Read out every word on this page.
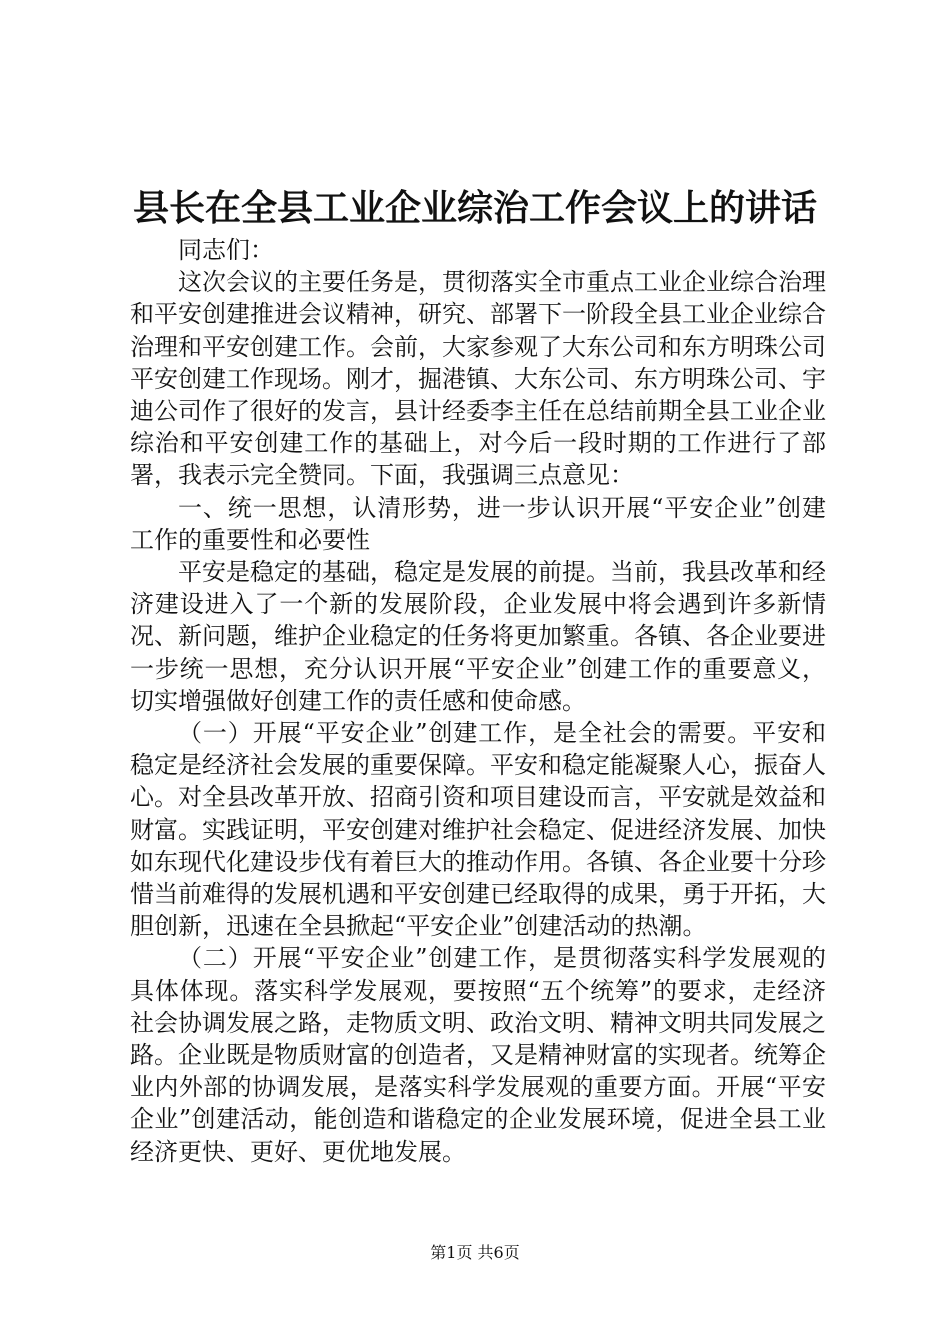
县长在全县工业企业综治工作会议上的讲话

同志们：

这次会议的主要任务是，贯彻落实全市重点工业企业综合治理和平安创建推进会议精神，研究、部署下一阶段全县工业企业综合治理和平安创建工作。会前，大家参观了大东公司和东方明珠公司平安创建工作现场。刚才，掘港镇、大东公司、东方明珠公司、宇迪公司作了很好的发言，县计经委李主任在总结前期全县工业企业综治和平安创建工作的基础上，对今后一段时期的工作进行了部署，我表示完全赞同。下面，我强调三点意见：

一、统一思想，认清形势，进一步认识开展“平安企业”创建工作的重要性和必要性

平安是稳定的基础，稳定是发展的前提。当前，我县改革和经济建设进入了一个新的发展阶段，企业发展中将会遇到许多新情况、新问题，维护企业稳定的任务将更加繁重。各镇、各企业要进一步统一思想，充分认识开展“平安企业”创建工作的重要意义，切实增强做好创建工作的责任感和使命感。

（一）开展“平安企业”创建工作，是全社会的需要。平安和稳定是经济社会发展的重要保障。平安和稳定能凝聚人心，振奋人心。对全县改革开放、招商引资和项目建设而言，平安就是效益和财富。实践证明，平安创建对维护社会稳定、促进经济发展、加快如东现代化建设步伐有着巨大的推动作用。各镇、各企业要十分珍惜当前难得的发展机遇和平安创建已经取得的成果，勇于开拓，大胆创新，迅速在全县掀起“平安企业”创建活动的热潮。

（二）开展“平安企业”创建工作，是贯彻落实科学发展观的具体体现。落实科学发展观，要按照“五个统筹”的要求，走经济社会协调发展之路，走物质文明、政治文明、精神文明共同发展之路。企业既是物质财富的创造者，又是精神财富的实现者。统筹企业内外部的协调发展，是落实科学发展观的重要方面。开展“平安企业”创建活动，能创造和谐稳定的企业发展环境，促进全县工业经济更快、更好、更优地发展。

第1页 共6页
